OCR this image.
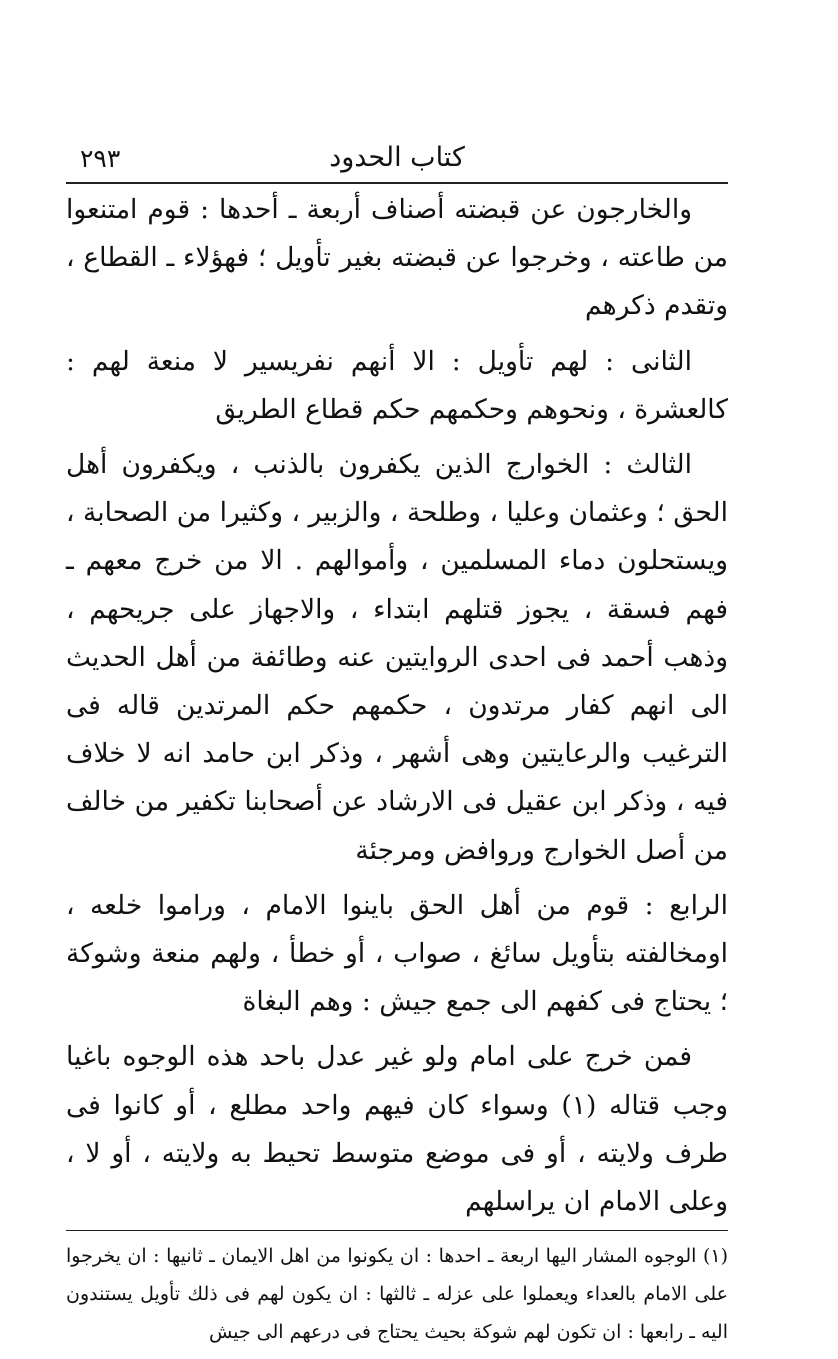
كتاب الحدود
٢٩٣

والخارجون عن قبضته أصناف أربعة ـ أحدها : قوم امتنعوا من طاعته ، وخرجوا عن قبضته بغير تأويل ؛ فهؤلاء ـ القطاع ، وتقدم ذكرهم

الثانى : لهم تأويل : الا أنهم نفريسير لا منعة لهم : كالعشرة ، ونحوهم وحكمهم حكم قطاع الطريق

الثالث : الخوارج الذين يكفرون بالذنب ، ويكفرون أهل الحق ؛ وعثمان وعليا ، وطلحة ، والزبير ، وكثيرا من الصحابة ، ويستحلون دماء المسلمين ، وأموالهم . الا من خرج معهم ـ فهم فسقة ، يجوز قتلهم ابتداء ، والاجهاز على جريحهم ، وذهب أحمد فى احدى الروايتين عنه وطائفة من أهل الحديث الى انهم كفار مرتدون ، حكمهم حكم المرتدين قاله فى الترغيب والرعايتين وهى أشهر ، وذكر ابن حامد انه لا خلاف فيه ، وذكر ابن عقيل فى الارشاد عن أصحابنا تكفير من خالف من أصل الخوارج وروافض ومرجئة

الرابع : قوم من أهل الحق باينوا الامام ، وراموا خلعه ، اومخالفته بتأويل سائغ ، صواب ، أو خطأ ، ولهم منعة وشوكة ؛ يحتاج فى كفهم الى جمع جيش : وهم البغاة

فمن خرج على امام ولو غير عدل باحد هذه الوجوه باغيا وجب قتاله (١) وسواء كان فيهم واحد مطلع ، أو كانوا فى طرف ولايته ، أو فى موضع متوسط تحيط به ولايته ، أو لا ، وعلى الامام ان يراسلهم

(١) الوجوه المشار اليها اربعة ـ احدها : ان يكونوا من اهل الايمان ـ ثانيها : ان يخرجوا على الامام بالعداء ويعملوا على عزله ـ ثالثها : ان يكون لهم فى ذلك تأويل يستندون اليه ـ رابعها : ان تكون لهم شوكة بحيث يحتاج فى درعهم الى جيش
